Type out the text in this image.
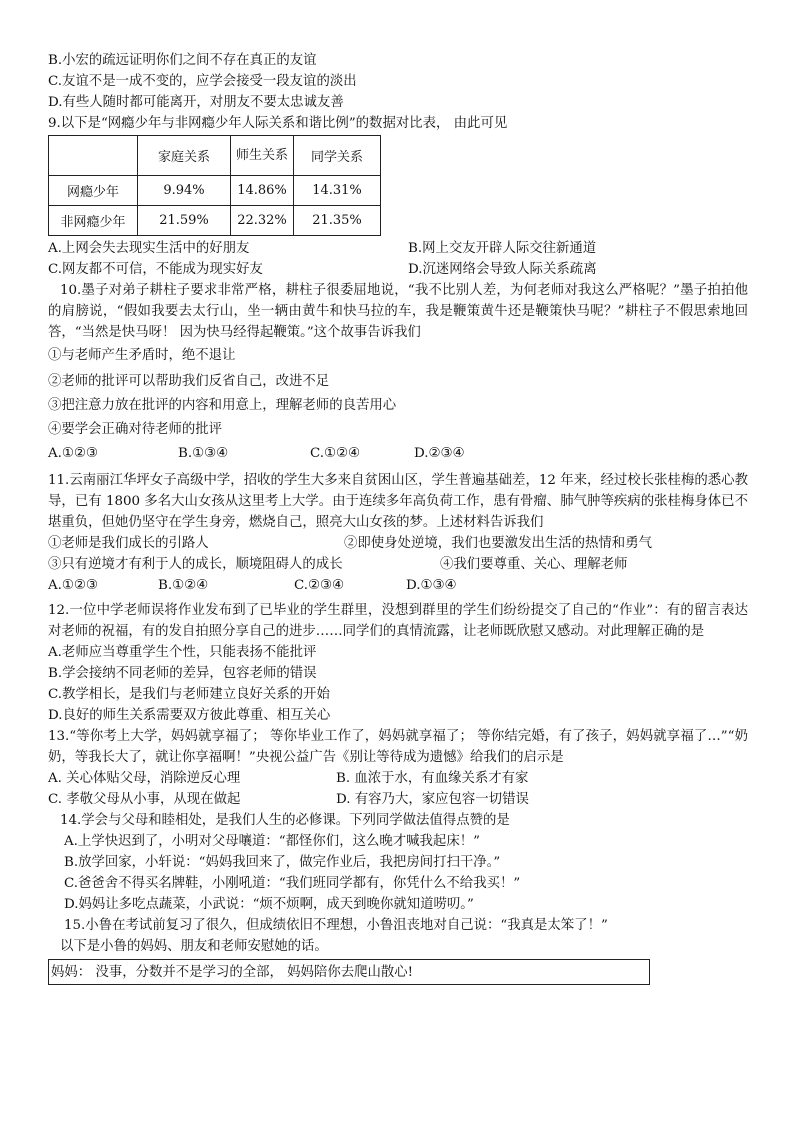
B.小宏的疏远证明你们之间不存在真正的友谊
C.友谊不是一成不变的，应学会接受一段友谊的淡出
D.有些人随时都可能离开，对朋友不要太忠诚友善
9.以下是“网瘾少年与非网瘾少年人际关系和谐比例”的数据对比表， 由此可见
	家庭关系	师生关系	同学关系
网瘾少年	9.94%	14.86%	14.31%
非网瘾少年	21.59%	22.32%	21.35%
A.上网会失去现实生活中的好朋友	B.网上交友开辟人际交往新通道
C.网友都不可信，不能成为现实好友	D.沉迷网络会导致人际关系疏离
10.墨子对弟子耕柱子要求非常严格，耕柱子很委屈地说，“我不比别人差，为何老师对我这么严格呢？”墨子拍拍他的肩膀说，“假如我要去太行山，坐一辆由黄牛和快马拉的车，我是鞭策黄牛还是鞭策快马呢？”耕柱子不假思索地回答，“当然是快马呀！ 因为快马经得起鞭策。”这个故事告诉我们
①与老师产生矛盾时，绝不退让
②老师的批评可以帮助我们反省自己，改进不足
③把注意力放在批评的内容和用意上，理解老师的良苦用心
④要学会正确对待老师的批评
A.①②③	B.①③④	C.①②④	D.②③④
11.云南丽江华坪女子高级中学，招收的学生大多来自贫困山区，学生普遍基础差，12 年来，经过校长张桂梅的悉心教导，已有 1800 多名大山女孩从这里考上大学。由于连续多年高负荷工作，患有骨瘤、肺气肿等疾病的张桂梅身体已不堪重负，但她仍坚守在学生身旁，燃烧自己，照亮大山女孩的梦。上述材料告诉我们
①老师是我们成长的引路人	②即使身处逆境，我们也要激发出生活的热情和勇气
③只有逆境才有利于人的成长，顺境阻碍人的成长	④我们要尊重、关心、理解老师
A.①②③	B.①②④	C.②③④	D.①③④
12.一位中学老师误将作业发布到了已毕业的学生群里，没想到群里的学生们纷纷提交了自己的“作业”：有的留言表达对老师的祝福，有的发自拍照分享自己的进步……同学们的真情流露，让老师既欣慰又感动。对此理解正确的是
A.老师应当尊重学生个性，只能表扬不能批评
B.学会接纳不同老师的差异，包容老师的错误
C.教学相长，是我们与老师建立良好关系的开始
D.良好的师生关系需要双方彼此尊重、相互关心
13.“等你考上大学，妈妈就享福了； 等你毕业工作了，妈妈就享福了； 等你结完婚，有了孩子，妈妈就享福了…”“奶奶，等我长大了，就让你享福啊！”央视公益广告《别让等待成为遗憾》给我们的启示是
A. 关心体贴父母，消除逆反心理	B. 血浓于水，有血缘关系才有家
C. 孝敬父母从小事，从现在做起	D. 有容乃大，家应包容一切错误
14.学会与父母和睦相处，是我们人生的必修课。下列同学做法值得点赞的是
A.上学快迟到了，小明对父母嚷道：“都怪你们，这么晚才喊我起床！”
B.放学回家，小轩说：“妈妈我回来了，做完作业后，我把房间打扫干净。”
C.爸爸舍不得买名牌鞋，小刚吼道：“我们班同学都有，你凭什么不给我买！”
D.妈妈让多吃点蔬菜，小武说：“烦不烦啊，成天到晚你就知道唠叨。”
15.小鲁在考试前复习了很久，但成绩依旧不理想，小鲁沮丧地对自己说：“我真是太笨了！”
以下是小鲁的妈妈、朋友和老师安慰她的话。
妈妈： 没事，分数并不是学习的全部， 妈妈陪你去爬山散心!
